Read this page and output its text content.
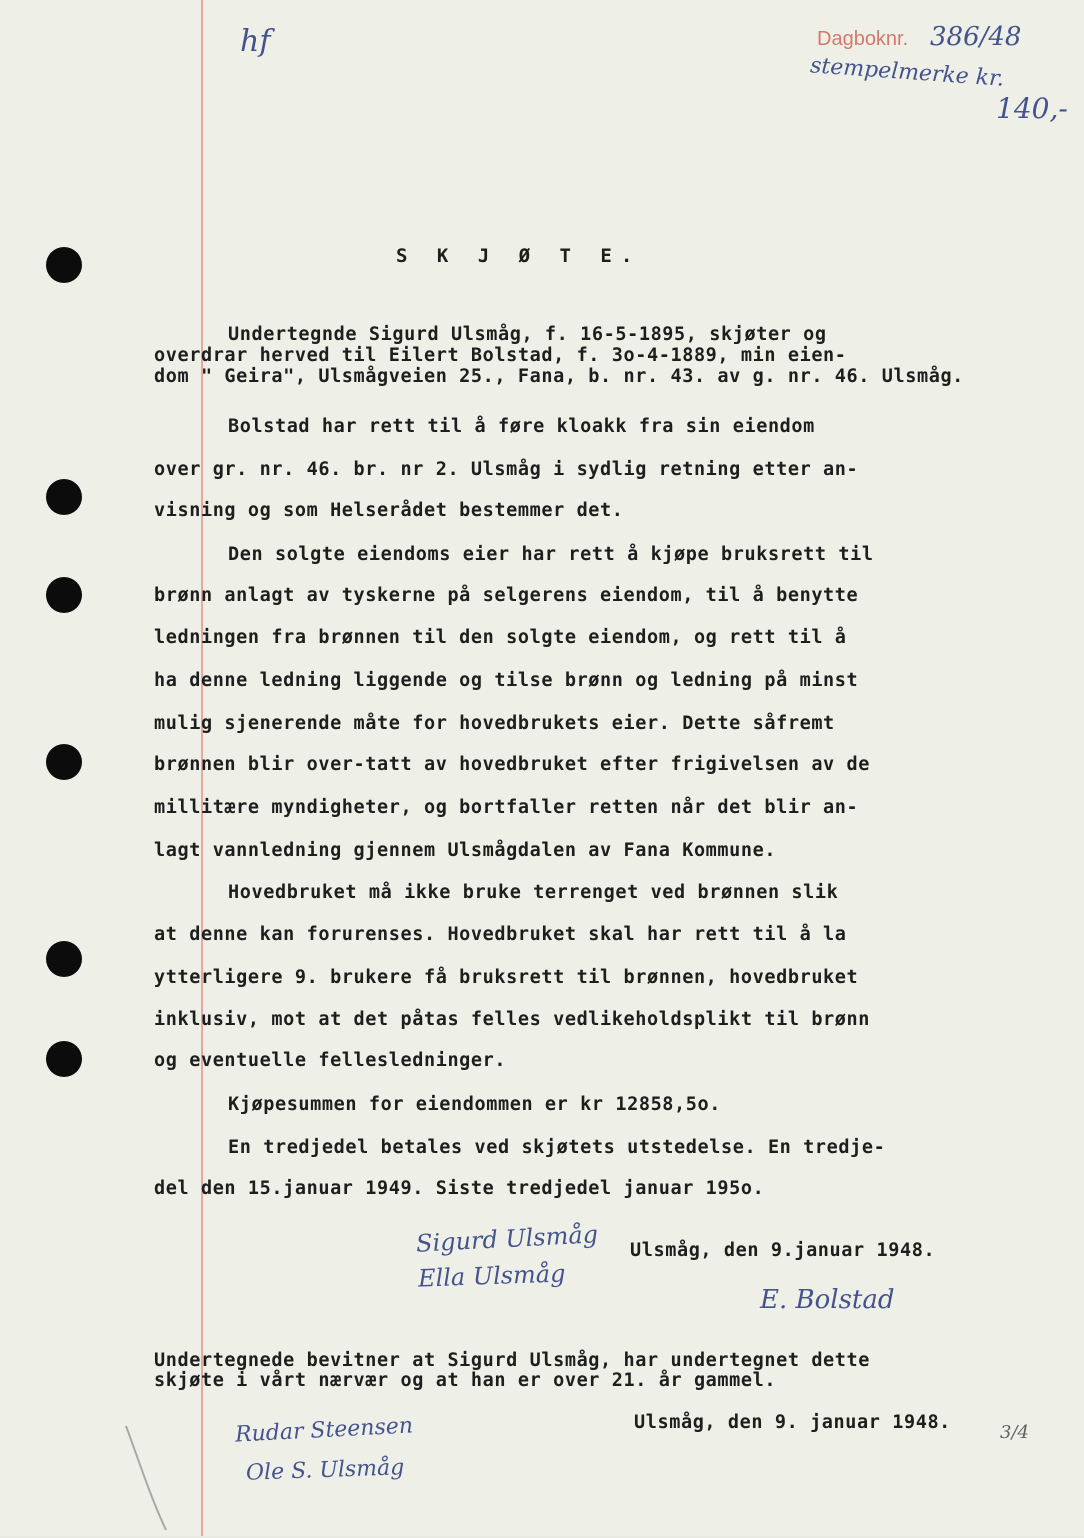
hf	Dagboknr. 386/48
stempelmerke kr.
140,-
S K J Ø T E.
Undertegnde Sigurd Ulsmåg, f. 16-5-1895, skjøter og
overdrar herved til Eilert Bolstad, f. 3o-4-1889, min eien-
dom " Geira", Ulsmågveien 25., Fana, b. nr. 43. av g. nr. 46. Ulsmåg.
Bolstad har rett til å føre kloakk fra sin eiendom
over gr. nr. 46. br. nr 2. Ulsmåg i sydlig retning etter an-
visning og som Helserådet bestemmer det.
Den solgte eiendoms eier har rett å kjøpe bruksrett til
brønn anlagt av tyskerne på selgerens eiendom, til å benytte
ledningen fra brønnen til den solgte eiendom, og rett til å
ha denne ledning liggende og tilse brønn og ledning på minst
mulig sjenerende måte for hovedbrukets eier. Dette såfremt
brønnen blir over-tatt av hovedbruket efter frigivelsen av de
millitære myndigheter, og bortfaller retten når det blir an-
lagt vannledning gjennem Ulsmågdalen av Fana Kommune.
Hovedbruket må ikke bruke terrenget ved brønnen slik
at denne kan forurenses. Hovedbruket skal har rett til å la
ytterligere 9. brukere få bruksrett til brønnen, hovedbruket
inklusiv, mot at det påtas felles vedlikeholdsplikt til brønn
og eventuelle fellesledninger.
Kjøpesummen for eiendommen er kr 12858,5o.
En tredjedel betales ved skjøtets utstedelse. En tredje-
del den 15.januar 1949. Siste tredjedel januar 195o.
Sigurd Ulsmåg
Ella Ulsmåg
Ulsmåg, den 9.januar 1948.
E. Bolstad
Undertegnede bevitner at Sigurd Ulsmåg, har undertegnet dette
skjøte i vårt nærvær og at han er over 21. år gammel.
Ulsmåg, den 9. januar 1948.
Rudar Steensen
Ole S. Ulsmåg
3/4
